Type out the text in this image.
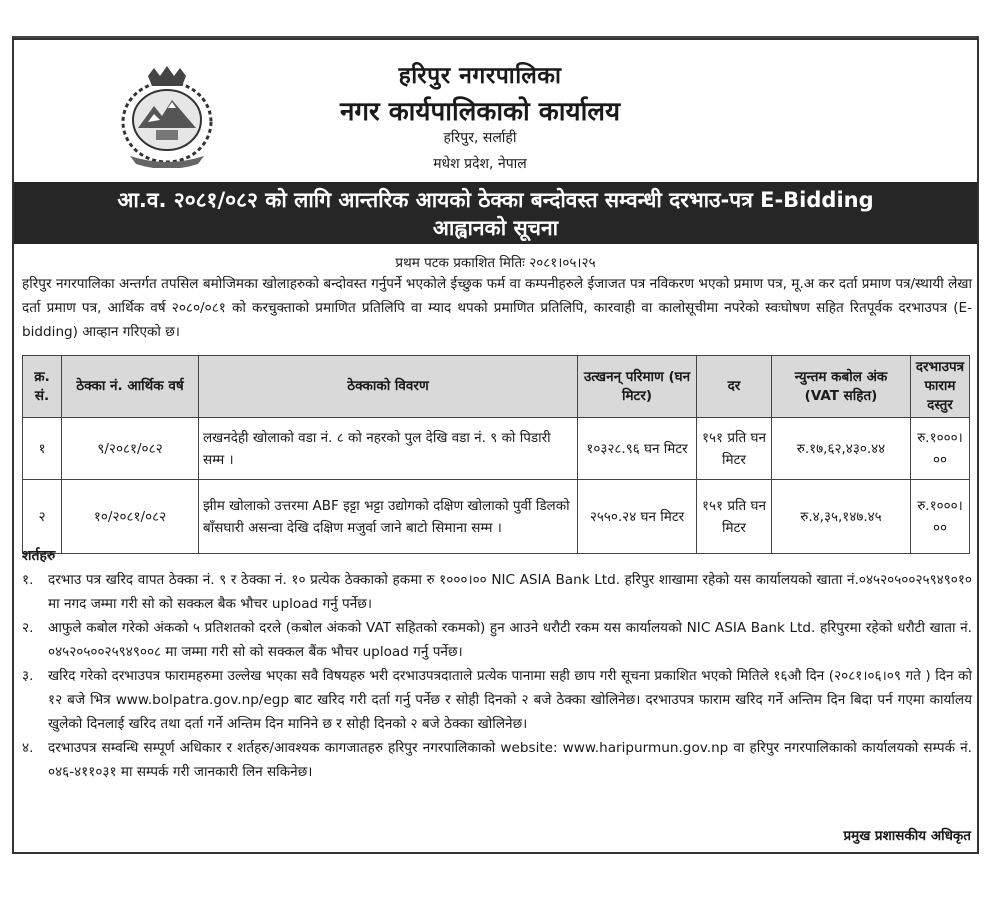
हरिपुर नगरपालिका
नगर कार्यपालिकाको कार्यालय
हरिपुर, सर्लाही
मधेश प्रदेश, नेपाल
आ.व. २०८१/०८२ को लागि आन्तरिक आयको ठेक्का बन्दोवस्त सम्वन्धी दरभाउ-पत्र E-Bidding
आह्वानको सूचना
प्रथम पटक प्रकाशित मितिः २०८१।०५।२५
हरिपुर नगरपालिका अन्तर्गत तपसिल बमोजिमका खोलाहरुको बन्दोवस्त गर्नुपर्ने भएकोले ईच्छुक फर्म वा कम्पनीहरुले ईजाजत पत्र नविकरण भएको प्रमाण पत्र, मू.अ कर दर्ता प्रमाण पत्र/स्थायी लेखा दर्ता प्रमाण पत्र, आर्थिक वर्ष २०८०/०८१ को करचुक्ताको प्रमाणित प्रतिलिपि वा म्याद थपको प्रमाणित प्रतिलिपि, कारवाही वा कालोसूचीमा नपरेको स्वःघोषण सहित रितपूर्वक दरभाउपत्र (E-bidding) आव्हान गरिएको छ।
क्र. सं.	ठेक्का नं. आर्थिक वर्ष	ठेक्काको विवरण	उत्खनन् परिमाण (घन मिटर)	दर	न्युन्तम कबोल अंक (VAT सहित)	दरभाउपत्र फाराम दस्तुर
१	९/२०८१/०८२	लखनदेही खोलाको वडा नं. ८ को नहरको पुल देखि वडा नं. ९ को पिडारी सम्म ।	१०३२८.९६ घन मिटर	१५१ प्रति घन मिटर	रु.१७,६२,४३०.४४	रु.१०००।००
२	१०/२०८१/०८२	झीम खोलाको उत्तरमा ABF इट्टा भट्टा उद्योगको दक्षिण खोलाको पुर्वी डिलको बाँसघारी असन्वा देखि दक्षिण मजुर्वा जाने बाटो सिमाना सम्म ।	२५५०.२४ घन मिटर	१५१ प्रति घन मिटर	रु.४,३५,१४७.४५	रु.१०००।००
शर्तहरु
१.	दरभाउ पत्र खरिद वापत ठेक्का नं. ९ र ठेक्का नं. १० प्रत्येक ठेक्काको हकमा रु १०००।०० NIC ASIA Bank Ltd. हरिपुर शाखामा रहेको यस कार्यालयको खाता नं.०४५२०५००२५९४९०१० मा नगद जम्मा गरी सो को सक्कल बैक भौचर upload गर्नु पर्नेछ।
२.	आफुले कबोल गरेको अंकको ५ प्रतिशतको दरले (कबोल अंकको VAT सहितको रकमको) हुन आउने धरौटी रकम यस कार्यालयको NIC ASIA Bank Ltd. हरिपुरमा रहेको धरौटी खाता नं. ०४५२०५००२५९४९००८ मा जम्मा गरी सो को सक्कल बैंक भौचर upload गर्नु पर्नेछ।
३.	खरिद गरेको दरभाउपत्र फारामहरुमा उल्लेख भएका सवै विषयहरु भरी दरभाउपत्रदाताले प्रत्येक पानामा सही छाप गरी सूचना प्रकाशित भएको मितिले १६औ दिन (२०८१।०६।०९ गते ) दिन को १२ बजे भित्र www.bolpatra.gov.np/egp बाट खरिद गरी दर्ता गर्नु पर्नेछ र सोही दिनको २ बजे ठेक्का खोलिनेछ। दरभाउपत्र फाराम खरिद गर्ने अन्तिम दिन बिदा पर्न गएमा कार्यालय खुलेको दिनलाई खरिद तथा दर्ता गर्ने अन्तिम दिन मानिने छ र सोही दिनको २ बजे ठेक्का खोलिनेछ।
४.	दरभाउपत्र सम्वन्धि सम्पूर्ण अधिकार र शर्तहरु/आवश्यक कागजातहरु हरिपुर नगरपालिकाको website: www.haripurmun.gov.np वा हरिपुर नगरपालिकाको कार्यालयको सम्पर्क नं. ०४६-४११०३१ मा सम्पर्क गरी जानकारी लिन सकिनेछ।
प्रमुख प्रशासकीय अधिकृत
